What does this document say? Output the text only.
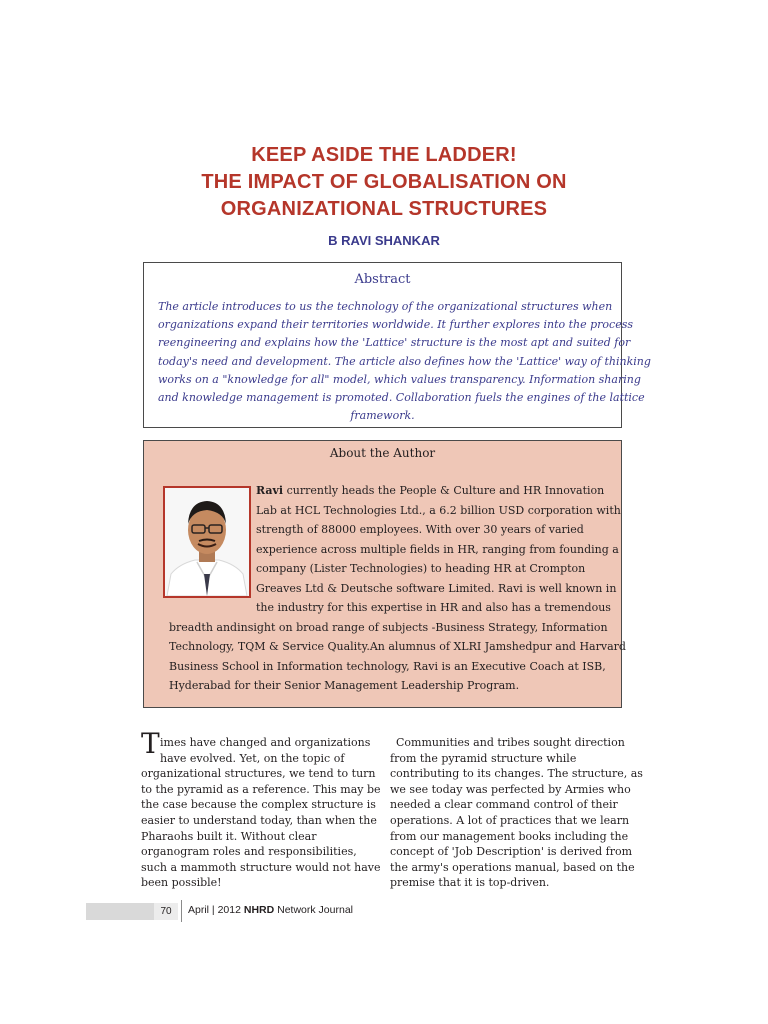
KEEP ASIDE THE LADDER!
THE IMPACT OF GLOBALISATION ON
ORGANIZATIONAL STRUCTURES
B RAVI SHANKAR
Abstract
The article introduces to us the technology of the organizational structures when
organizations expand their territories worldwide. It further explores into the process
reengineering and explains how the 'Lattice' structure is the most apt and suited for
today's need and development. The article also defines how the 'Lattice' way of thinking
works on a "knowledge for all" model, which values transparency. Information sharing
and knowledge management is promoted. Collaboration fuels the engines of the lattice
framework.
About the Author
Ravi currently heads the People & Culture and HR Innovation
Lab at HCL Technologies Ltd., a 6.2 billion USD corporation with
strength of 88000 employees. With over 30 years of varied
experience across multiple fields in HR, ranging from founding a
company (Lister Technologies) to heading HR at Crompton
Greaves Ltd & Deutsche software Limited. Ravi is well known in
the industry for this expertise in HR and also has a tremendous
breadth andinsight on broad range of subjects -Business Strategy, Information
Technology, TQM & Service Quality.An alumnus of XLRI Jamshedpur and Harvard
Business School in Information technology, Ravi is an Executive Coach at ISB,
Hyderabad for their Senior Management Leadership Program.
T imes have changed and organizations
have evolved. Yet, on the topic of
organizational structures, we tend to turn
to the pyramid as a reference. This may be
the case because the complex structure is
easier to understand today, than when the
Pharaohs built it. Without clear
organogram roles and responsibilities,
such a mammoth structure would not have
been possible!
Communities and tribes sought direction
from the pyramid structure while
contributing to its changes. The structure, as
we see today was perfected by Armies who
needed a clear command control of their
operations. A lot of practices that we learn
from our management books including the
concept of 'Job Description' is derived from
the army's operations manual, based on the
premise that it is top-driven.
70	April | 2012 NHRD Network Journal
